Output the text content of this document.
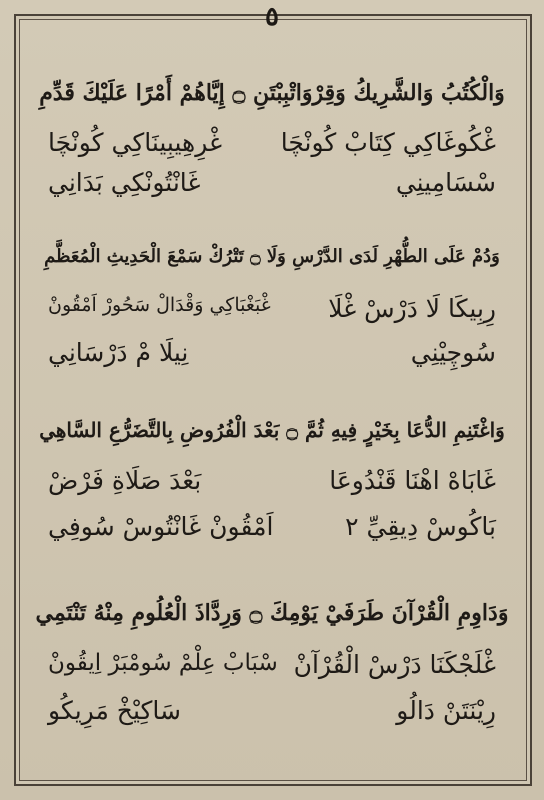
٥
وَالْكُتُبُ وَالشَّرِيكُ وَقِرْوَاتْبِبْتَنِ ۝ إِيَّاهُمْ أَمْرًا عَلَيْكَ قَدِّمِ
غْكُوغَاكِي كِتَابْ كُونْچَا
غْرِهِيبِينَاكِي كُونْچَا
سْسَامِينِي
غَانْتُونْكِي بَدَانِي
وَدُمْ عَلَى الطُّهْرِ لَدَى الدَّرْسِ وَلَا ۝ تَتْرُكْ سَمْعَ الْحَدِيثِ الْمُعَظَّمِ
رِبِيكَا لَا دَرْسْ غْلَا
غْبَغْبَاكِي وَقْدَالْ سَحُورْ اَمْقُونْ
سُوچِيْنِي
نِيلَا مْ دَرْسَانِي
وَاغْتَنِمِ الدُّعَا بِخَيْرٍ فِيهِ ثُمَّ ۝ بَعْدَ الْفُرُوضِ بِالتَّضَرُّعِ السَّاهِي
غَابَاهْ اهْنَا قَنْدُوعَا
بَعْدَ صَلَاةِ فَرْضْ
بَاكُوسْ دِيقِيِّ ٢
اَمْقُونْ غَانْتُوسْ سُوفِي
وَدَاوِمِ الْقُرْآنَ طَرَفَيْ يَوْمِكَ ۝ وَرِدَّاذَ الْعُلُومِ مِنْهُ تَنْتَمِي
غْلَجْكَنَا دَرْسْ الْقُرْآنْ
سْبَابْ عِلْمْ سُومْبَرْ اِيقُونْ
رِيْنَتَنْ دَالُو
سَاكِيْخْ مَرِيكُو
